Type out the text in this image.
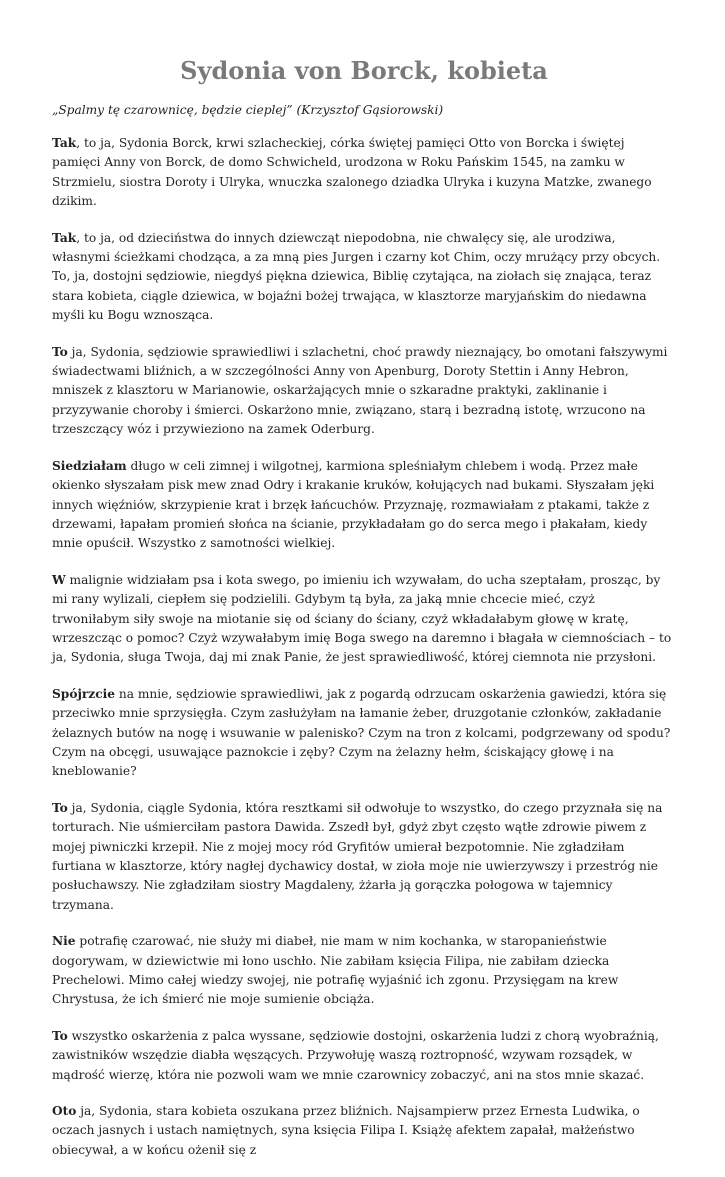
Sydonia von Borck, kobieta

„Spalmy tę czarownicę, będzie cieplej” (Krzysztof Gąsiorowski)

Tak, to ja, Sydonia Borck, krwi szlacheckiej, córka świętej pamięci Otto von Borcka i świętej pamięci Anny von Borck, de domo Schwicheld, urodzona w Roku Pańskim 1545, na zamku w Strzmielu, siostra Doroty i Ulryka, wnuczka szalonego dziadka Ulryka i kuzyna Matzke, zwanego dzikim.

Tak, to ja, od dzieciństwa do innych dziewcząt niepodobna, nie chwalęcy się, ale urodziwa, własnymi ścieżkami chodząca, a za mną pies Jurgen i czarny kot Chim, oczy mrużący przy obcych. To, ja, dostojni sędziowie, niegdyś piękna dziewica, Biblię czytająca, na ziołach się znająca, teraz stara kobieta, ciągle dziewica, w bojaźni bożej trwająca, w klasztorze maryjańskim do niedawna myśli ku Bogu wznosząca.

To ja, Sydonia, sędziowie sprawiedliwi i szlachetni, choć prawdy nieznający, bo omotani fałszywymi świadectwami bliźnich, a w szczególności Anny von Apenburg, Doroty Stettin i Anny Hebron, mniszek z klasztoru w Marianowie, oskarżających mnie o szkaradne praktyki, zaklinanie i przyzywanie choroby i śmierci. Oskarżono mnie, związano, starą i bezradną istotę, wrzucono na trzeszczący wóz i przywieziono na zamek Oderburg.

Siedziałam długo w celi zimnej i wilgotnej, karmiona spleśniałym chlebem i wodą. Przez małe okienko słyszałam pisk mew znad Odry i krakanie kruków, kołujących nad bukami. Słyszałam jęki innych więźniów, skrzypienie krat i brzęk łańcuchów. Przyznaję, rozmawiałam z ptakami, także z drzewami, łapałam promień słońca na ścianie, przykładałam go do serca mego i płakałam, kiedy mnie opuścił. Wszystko z samotności wielkiej.

W malignie widziałam psa i kota swego, po imieniu ich wzywałam, do ucha szeptałam, prosząc, by mi rany wylizali, ciepłem się podzielili. Gdybym tą była, za jaką mnie chcecie mieć, czyż trwoniłabym siły swoje na miotanie się od ściany do ściany, czyż wkładałabym głowę w kratę, wrzeszcząc o pomoc? Czyż wzywałabym imię Boga swego na daremno i błagała w ciemnościach – to ja, Sydonia, sługa Twoja, daj mi znak Panie, że jest sprawiedliwość, której ciemnota nie przysłoni.

Spójrzcie na mnie, sędziowie sprawiedliwi, jak z pogardą odrzucam oskarżenia gawiedzi, która się przeciwko mnie sprzysięgła. Czym zasłużyłam na łamanie żeber, druzgotanie członków, zakładanie żelaznych butów na nogę i wsuwanie w palenisko? Czym na tron z kolcami, podgrzewany od spodu? Czym na obcęgi, usuwające paznokcie i zęby? Czym na żelazny hełm, ściskający głowę i na kneblowanie?

To ja, Sydonia, ciągle Sydonia, która resztkami sił odwołuje to wszystko, do czego przyznała się na torturach. Nie uśmierciłam pastora Dawida. Zszedł był, gdyż zbyt często wątłe zdrowie piwem z mojej piwniczki krzepił. Nie z mojej mocy ród Gryfitów umierał bezpotomnie. Nie zgładziłam furtiana w klasztorze, który nagłej dychawicy dostał, w zioła moje nie uwierzywszy i przestróg nie posłuchawszy. Nie zgładziłam siostry Magdaleny, żżarła ją gorączka połogowa w tajemnicy trzymana.

Nie potrafię czarować, nie służy mi diabeł, nie mam w nim kochanka, w staropanieństwie dogorywam, w dziewictwie mi łono uschło. Nie zabiłam księcia Filipa, nie zabiłam dziecka Prechelowi. Mimo całej wiedzy swojej, nie potrafię wyjaśnić ich zgonu. Przysięgam na krew Chrystusa, że ich śmierć nie moje sumienie obciąża.

To wszystko oskarżenia z palca wyssane, sędziowie dostojni, oskarżenia ludzi z chorą wyobraźnią, zawistników wszędzie diabła węszących. Przywołuję waszą roztropność, wzywam rozsądek, w mądrość wierzę, która nie pozwoli wam we mnie czarownicy zobaczyć, ani na stos mnie skazać.

Oto ja, Sydonia, stara kobieta oszukana przez bliźnich. Najsampierw przez Ernesta Ludwika, o oczach jasnych i ustach namiętnych, syna księcia Filipa I. Książę afektem zapałał, małżeństwo obiecywał, a w końcu ożenił się z
